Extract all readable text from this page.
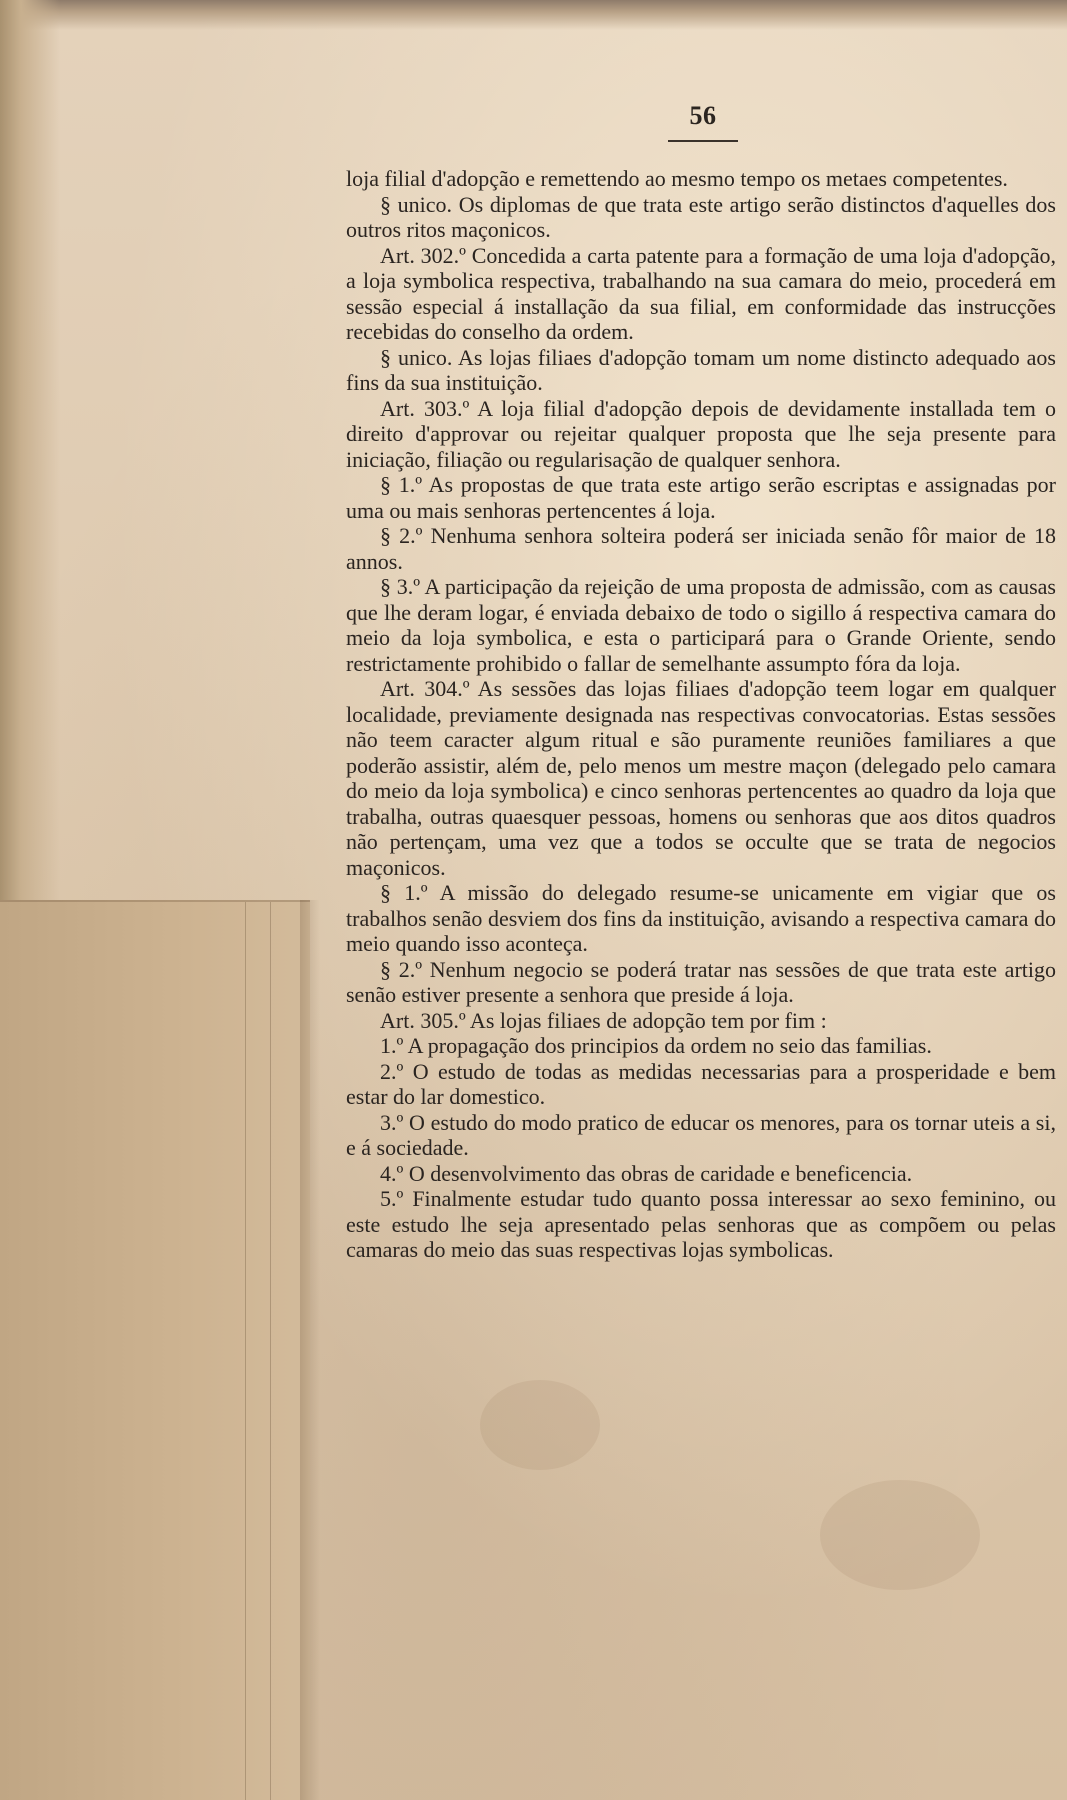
56

loja filial d'adopção e remettendo ao mesmo tempo os metaes competentes.

§ unico. Os diplomas de que trata este artigo serão distinctos d'aquelles dos outros ritos maçonicos.

Art. 302.º Concedida a carta patente para a formação de uma loja d'adopção, a loja symbolica respectiva, trabalhando na sua camara do meio, procederá em sessão especial á installação da sua filial, em conformidade das instrucções recebidas do conselho da ordem.

§ unico. As lojas filiaes d'adopção tomam um nome distincto adequado aos fins da sua instituição.

Art. 303.º A loja filial d'adopção depois de devidamente installada tem o direito d'approvar ou rejeitar qualquer proposta que lhe seja presente para iniciação, filiação ou regularisação de qualquer senhora.

§ 1.º As propostas de que trata este artigo serão escriptas e assignadas por uma ou mais senhoras pertencentes á loja.

§ 2.º Nenhuma senhora solteira poderá ser iniciada senão fôr maior de 18 annos.

§ 3.º A participação da rejeição de uma proposta de admissão, com as causas que lhe deram logar, é enviada debaixo de todo o sigillo á respectiva camara do meio da loja symbolica, e esta o participará para o Grande Oriente, sendo restrictamente prohibido o fallar de semelhante assumpto fóra da loja.

Art. 304.º As sessões das lojas filiaes d'adopção teem logar em qualquer localidade, previamente designada nas respectivas convocatorias. Estas sessões não teem caracter algum ritual e são puramente reuniões familiares a que poderão assistir, além de, pelo menos um mestre maçon (delegado pelo camara do meio da loja symbolica) e cinco senhoras pertencentes ao quadro da loja que trabalha, outras quaesquer pessoas, homens ou senhoras que aos ditos quadros não pertençam, uma vez que a todos se occulte que se trata de negocios maçonicos.

§ 1.º A missão do delegado resume-se unicamente em vigiar que os trabalhos senão desviem dos fins da instituição, avisando a respectiva camara do meio quando isso aconteça.

§ 2.º Nenhum negocio se poderá tratar nas sessões de que trata este artigo senão estiver presente a senhora que preside á loja.

Art. 305.º As lojas filiaes de adopção tem por fim :

1.º A propagação dos principios da ordem no seio das familias.

2.º O estudo de todas as medidas necessarias para a prosperidade e bem estar do lar domestico.

3.º O estudo do modo pratico de educar os menores, para os tornar uteis a si, e á sociedade.

4.º O desenvolvimento das obras de caridade e beneficencia.

5.º Finalmente estudar tudo quanto possa interessar ao sexo feminino, ou este estudo lhe seja apresentado pelas senhoras que as compõem ou pelas camaras do meio das suas respectivas lojas symbolicas.
